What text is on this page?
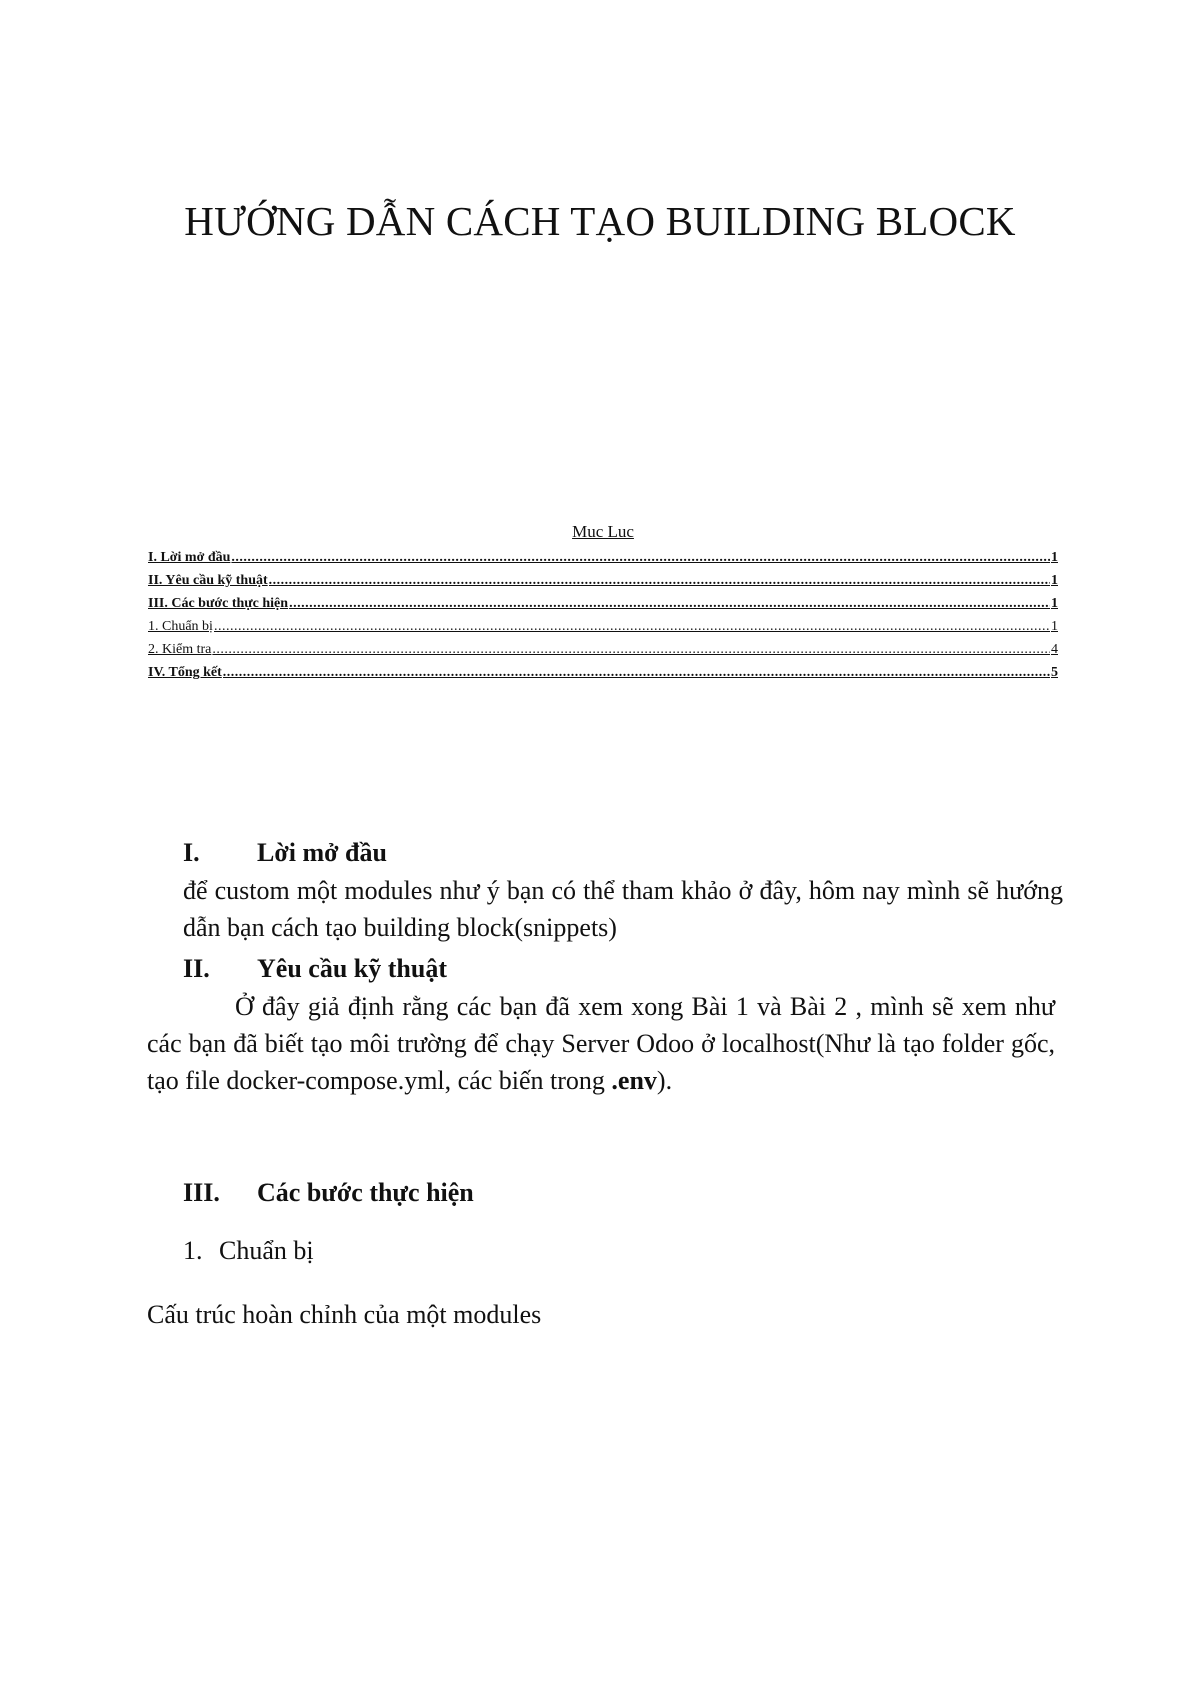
HƯỚNG DẪN CÁCH TẠO BUILDING BLOCK
Muc Luc
I. Lời mở đầu .....	1
II. Yêu cầu kỹ thuật .....	1
III. Các bước thực hiện .....	1
1. Chuẩn bị .....	1
2. Kiểm tra .....	4
IV. Tổng kết .....	5
I.	Lời mở đầu

để custom một modules như ý bạn có thể tham khảo ở đây, hôm nay mình sẽ hướng dẫn bạn cách tạo building block(snippets)

II.	Yêu cầu kỹ thuật

Ở đây giả định rằng các bạn đã xem xong Bài 1 và Bài 2 , mình sẽ xem như các bạn đã biết tạo môi trường để chạy Server Odoo ở localhost(Như là tạo folder gốc, tạo file docker-compose.yml, các biến trong .env).

III.	Các bước thực hiện
1. Chuẩn bị

Cấu trúc hoàn chỉnh của một modules
